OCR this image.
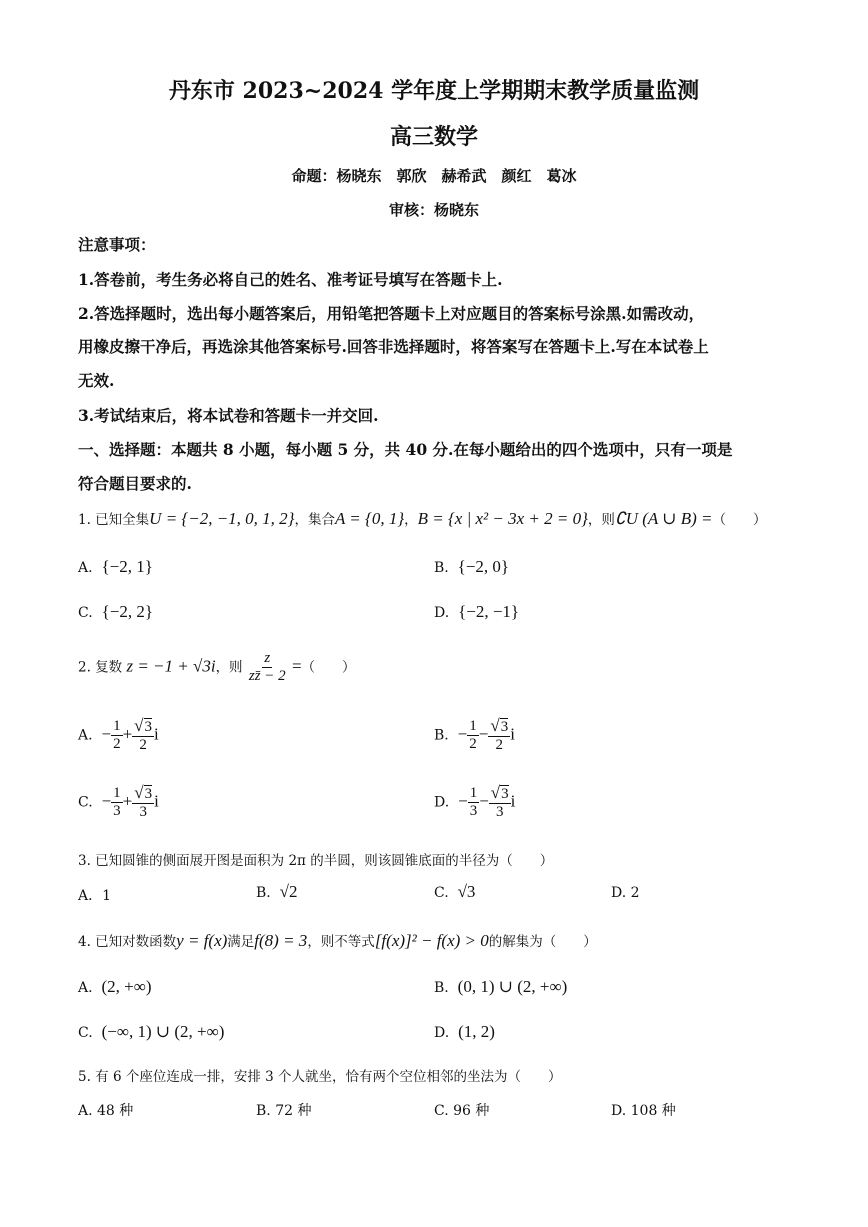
丹东市 2023~2024 学年度上学期期末教学质量监测
高三数学
命题：杨晓东　郭欣　赫希武　颜红　葛冰
审核：杨晓东
注意事项：
1.答卷前，考生务必将自己的姓名、准考证号填写在答题卡上.
2.答选择题时，选出每小题答案后，用铅笔把答题卡上对应题目的答案标号涂黑.如需改动，
用橡皮擦干净后，再选涂其他答案标号.回答非选择题时，将答案写在答题卡上.写在本试卷上
无效.
3.考试结束后，将本试卷和答题卡一并交回.
一、选择题：本题共 8 小题，每小题 5 分，共 40 分.在每小题给出的四个选项中，只有一项是
符合题目要求的.
1. 已知全集U = {−2, −1, 0, 1, 2}，集合A = {0, 1}，B = {x | x² − 3x + 2 = 0}，则∁U (A ∪ B) =（　　）
A. {−2, 1}	B. {−2, 0}
C. {−2, 2}	D. {−2, −1}
2. 复数 z = −1 + √3i，则 $\frac{z}{zz̄ - 2}$ =（　　）
A. − $\frac{1}{2} + \frac{√3}{2}$ i	B. − $\frac{1}{2} - \frac{√3}{2}$ i
C. − $\frac{1}{3} + \frac{√3}{3}$ i	D. − $\frac{1}{3} - \frac{√3}{3}$ i
3. 已知圆锥的侧面展开图是面积为 2π 的半圆，则该圆锥底面的半径为（　　）
A．1	B. √2	C. √3	D. 2
4. 已知对数函数y = f(x)满足f(8) = 3，则不等式[f(x)]² − f(x) > 0的解集为（　　）
A. (2, +∞)	B. (0, 1) ∪ (2, +∞)
C. (−∞, 1) ∪ (2, +∞)	D. (1, 2)
5. 有 6 个座位连成一排，安排 3 个人就坐，恰有两个空位相邻的坐法为（　　）
A. 48 种	B. 72 种	C. 96 种	D. 108 种
